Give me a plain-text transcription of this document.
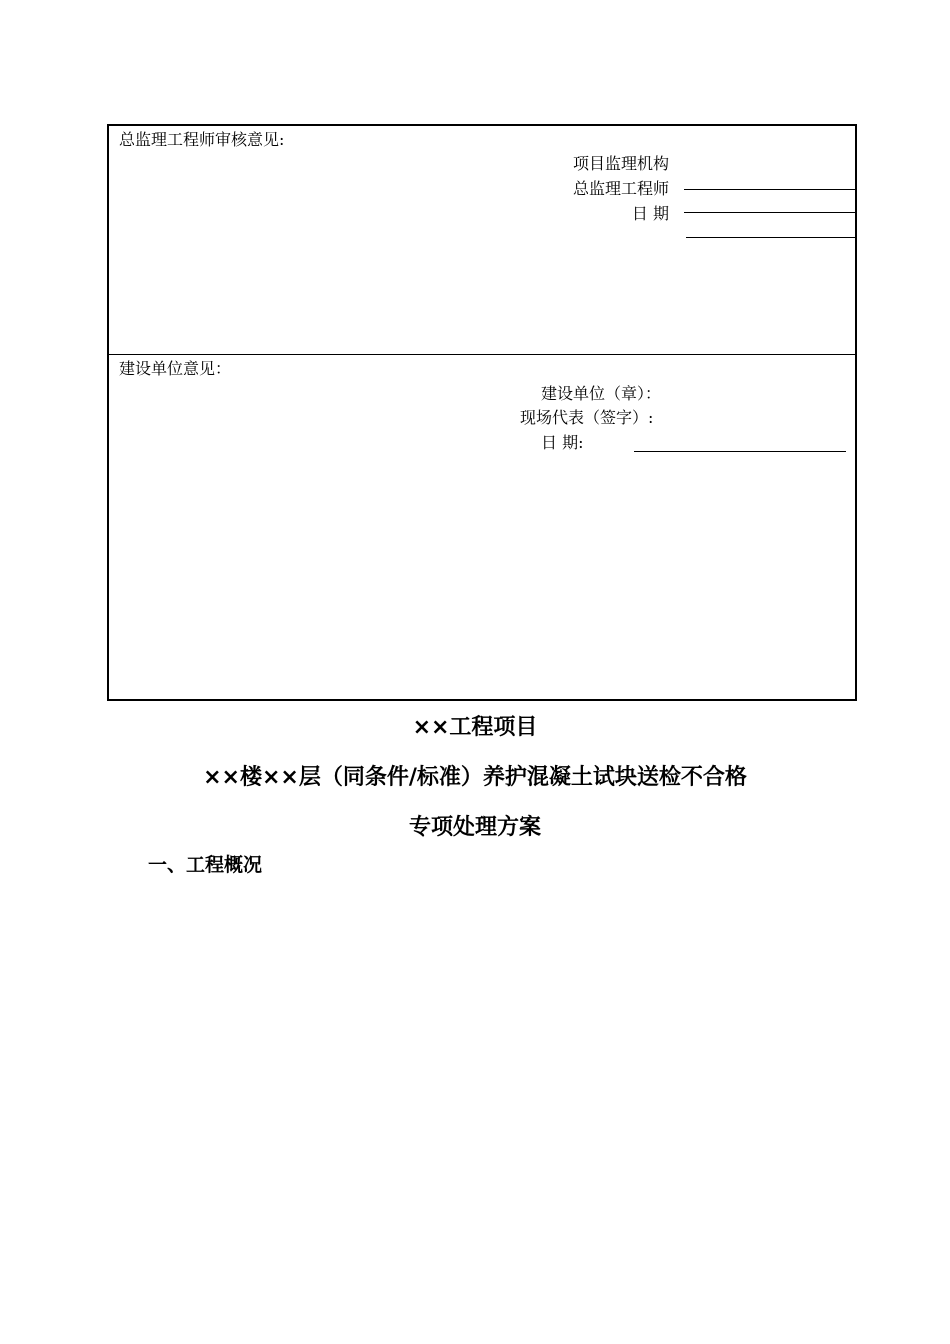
总监理工程师审核意见:
项目监理机构
总监理工程师
日 期
建设单位意见：
建设单位（章）：
现场代表（签字）:
日 期:
××工程项目
××楼××层（同条件/标准）养护混凝土试块送检不合格
专项处理方案
一、工程概况
